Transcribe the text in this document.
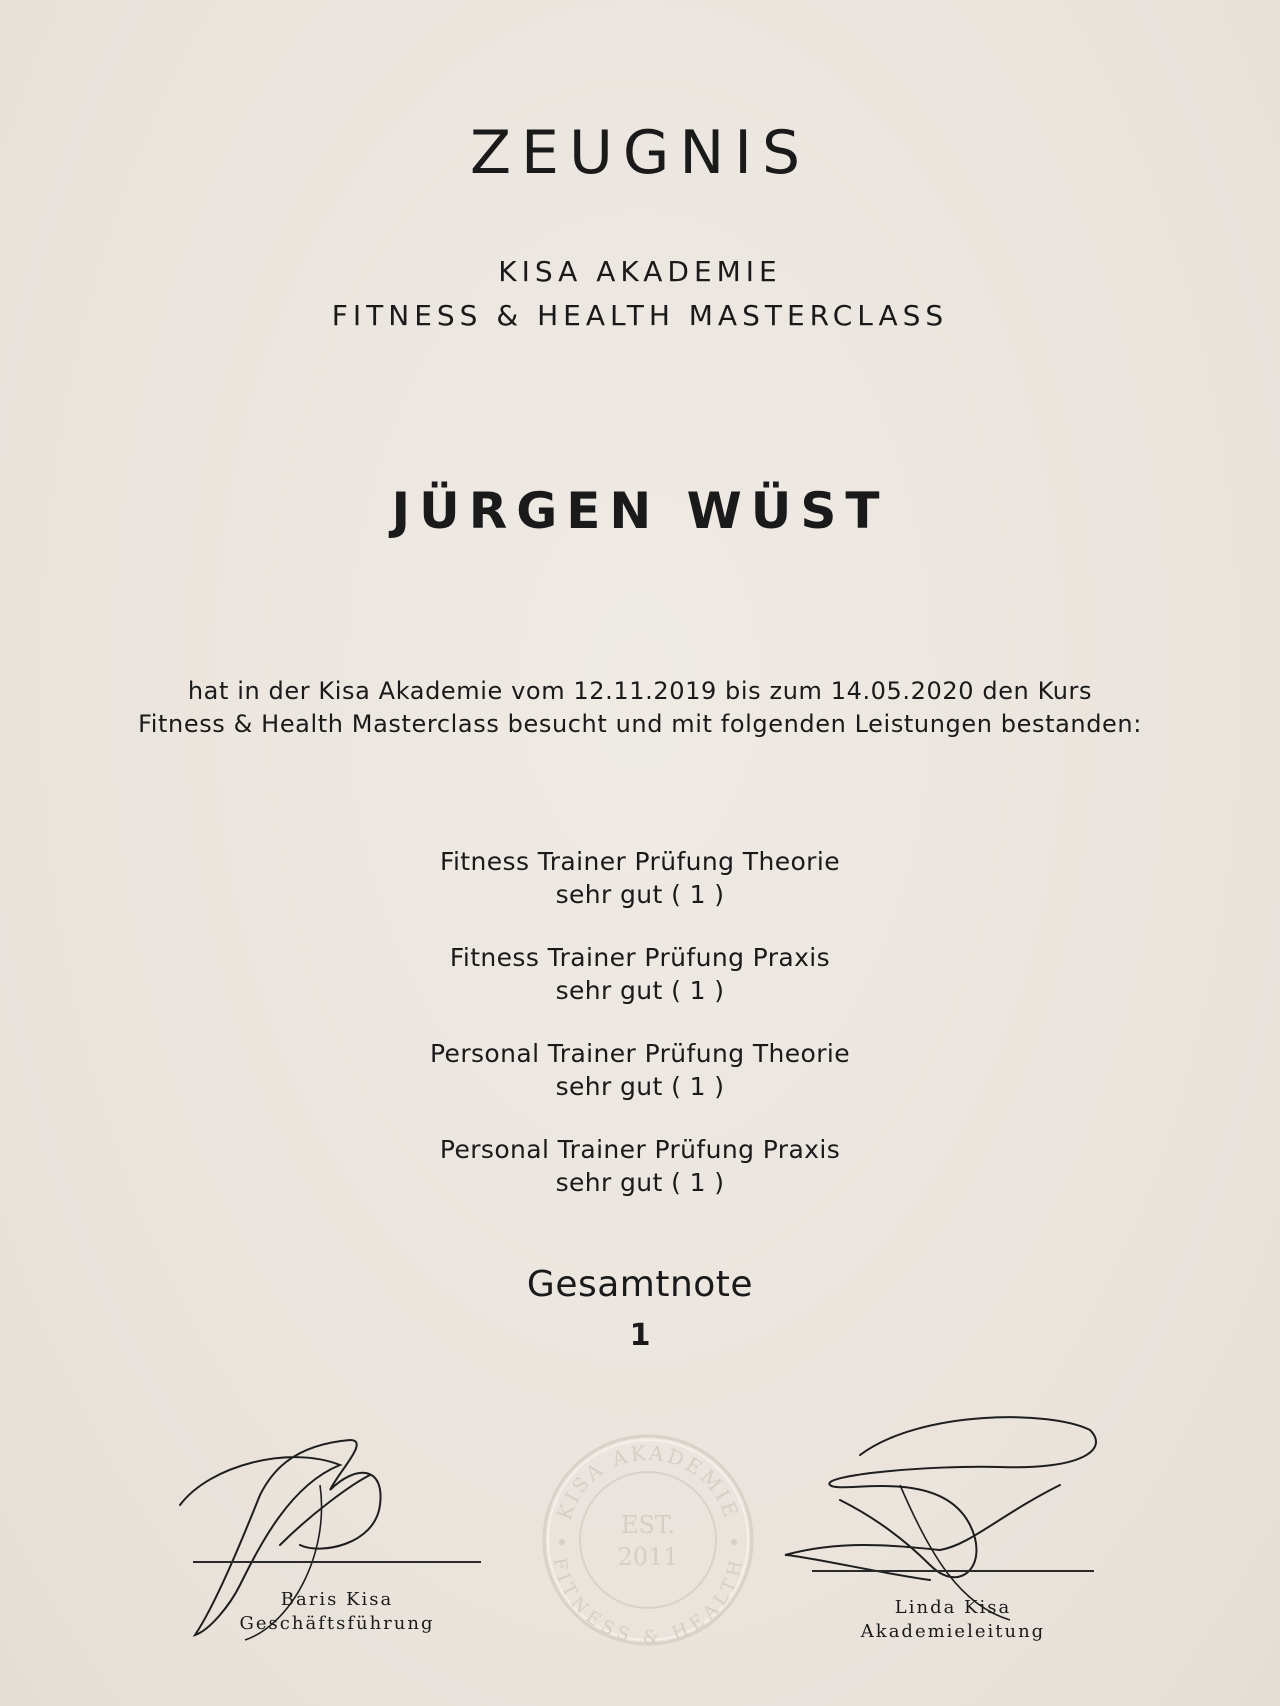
ZEUGNIS
KISA AKADEMIE
FITNESS & HEALTH MASTERCLASS
JÜRGEN WÜST
hat in der Kisa Akademie vom 12.11.2019 bis zum 14.05.2020 den Kurs
Fitness & Health Masterclass besucht und mit folgenden Leistungen bestanden:
Fitness Trainer Prüfung Theorie
sehr gut ( 1 )
Fitness Trainer Prüfung Praxis
sehr gut ( 1 )
Personal Trainer Prüfung Theorie
sehr gut ( 1 )
Personal Trainer Prüfung Praxis
sehr gut ( 1 )
Gesamtnote
1
Baris Kisa
Geschäftsführung
KISA AKADEMIE
FITNESS & HEALTH
EST.
2011
Linda Kisa
Akademieleitung
